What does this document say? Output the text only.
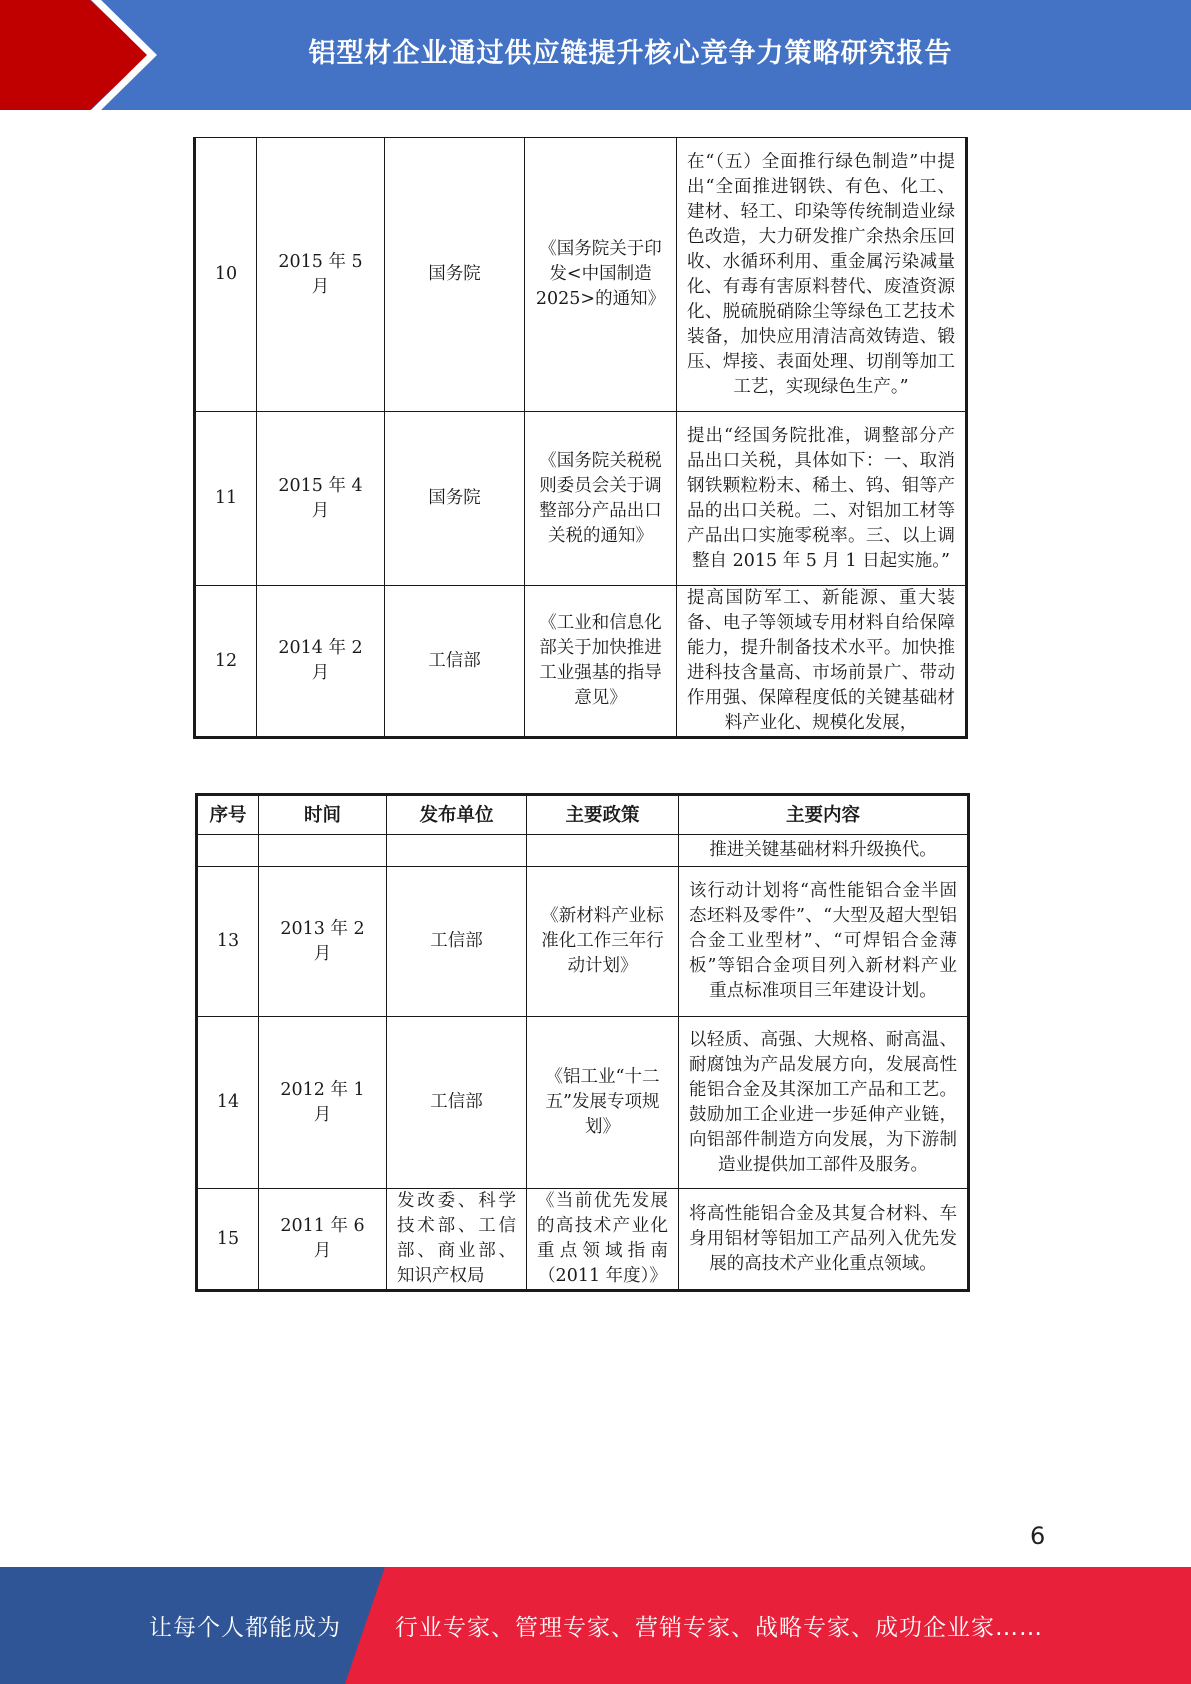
铝型材企业通过供应链提升核心竞争力策略研究报告
10	2015 年 5 月	国务院	《国务院关于印发<中国制造2025>的通知》	在“（五）全面推行绿色制造”中提出“全面推进钢铁、有色、化工、建材、轻工、印染等传统制造业绿色改造，大力研发推广余热余压回收、水循环利用、重金属污染减量化、有毒有害原料替代、废渣资源化、脱硫脱硝除尘等绿色工艺技术装备，加快应用清洁高效铸造、锻压、焊接、表面处理、切削等加工工艺，实现绿色生产。”
11	2015 年 4 月	国务院	《国务院关税税则委员会关于调整部分产品出口关税的通知》	提出“经国务院批准，调整部分产品出口关税，具体如下：一、取消钢铁颗粒粉末、稀土、钨、钼等产品的出口关税。二、对铝加工材等产品出口实施零税率。三、以上调整自 2015 年 5 月 1 日起实施。”
12	2014 年 2 月	工信部	《工业和信息化部关于加快推进工业强基的指导意见》	提高国防军工、新能源、重大装备、电子等领域专用材料自给保障能力，提升制备技术水平。加快推进科技含量高、市场前景广、带动作用强、保障程度低的关键基础材料产业化、规模化发展，
序号	时间	发布单位	主要政策	主要内容
				推进关键基础材料升级换代。
13	2013 年 2 月	工信部	《新材料产业标准化工作三年行动计划》	该行动计划将“高性能铝合金半固态坯料及零件”、“大型及超大型铝合金工业型材”、“可焊铝合金薄板”等铝合金项目列入新材料产业重点标准项目三年建设计划。
14	2012 年 1 月	工信部	《铝工业“十二五”发展专项规划》	以轻质、高强、大规格、耐高温、耐腐蚀为产品发展方向，发展高性能铝合金及其深加工产品和工艺。鼓励加工企业进一步延伸产业链，向铝部件制造方向发展，为下游制造业提供加工部件及服务。
15	2011 年 6 月	发改委、科学技术部、工信部、商业部、知识产权局	《当前优先发展的高技术产业化重点领域指南（2011 年度）》	将高性能铝合金及其复合材料、车身用铝材等铝加工产品列入优先发展的高技术产业化重点领域。
6
让每个人都能成为	行业专家、管理专家、营销专家、战略专家、成功企业家……
